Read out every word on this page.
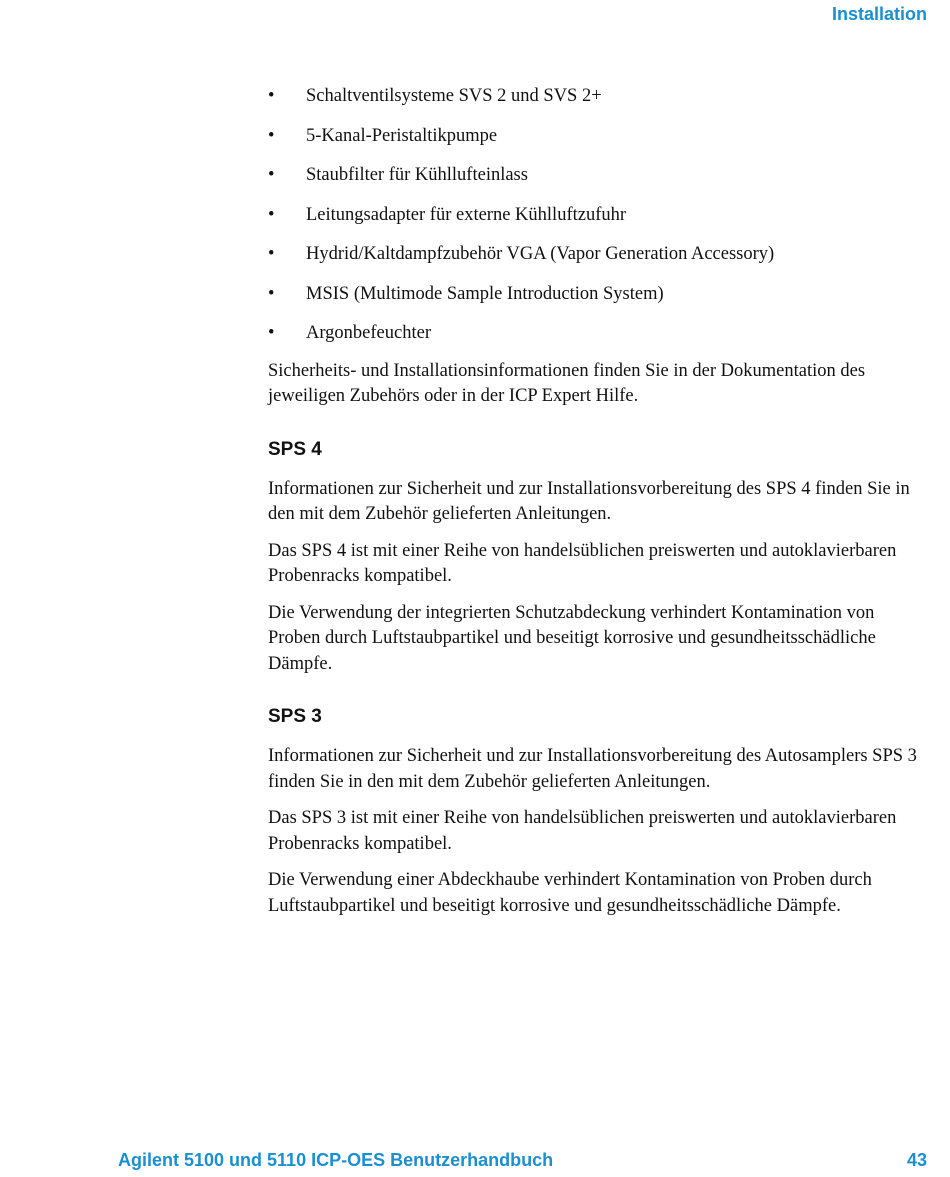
Installation
• Schaltventilsysteme SVS 2 und SVS 2+
• 5-Kanal-Peristaltikpumpe
• Staubfilter für Kühllufteinlass
• Leitungsadapter für externe Kühlluftzufuhr
• Hydrid/Kaltdampfzubehör VGA (Vapor Generation Accessory)
• MSIS (Multimode Sample Introduction System)
• Argonbefeuchter

Sicherheits- und Installationsinformationen finden Sie in der Dokumentation des jeweiligen Zubehörs oder in der ICP Expert Hilfe.

SPS 4

Informationen zur Sicherheit und zur Installationsvorbereitung des SPS 4 finden Sie in den mit dem Zubehör gelieferten Anleitungen.

Das SPS 4 ist mit einer Reihe von handelsüblichen preiswerten und autoklavierbaren Probenracks kompatibel.

Die Verwendung der integrierten Schutzabdeckung verhindert Kontamination von Proben durch Luftstaubpartikel und beseitigt korrosive und gesundheitsschädliche Dämpfe.

SPS 3

Informationen zur Sicherheit und zur Installationsvorbereitung des Autosamplers SPS 3 finden Sie in den mit dem Zubehör gelieferten Anleitungen.

Das SPS 3 ist mit einer Reihe von handelsüblichen preiswerten und autoklavierbaren Probenracks kompatibel.

Die Verwendung einer Abdeckhaube verhindert Kontamination von Proben durch Luftstaubpartikel und beseitigt korrosive und gesundheitsschädliche Dämpfe.

Agilent 5100 und 5110 ICP-OES Benutzerhandbuch	43
